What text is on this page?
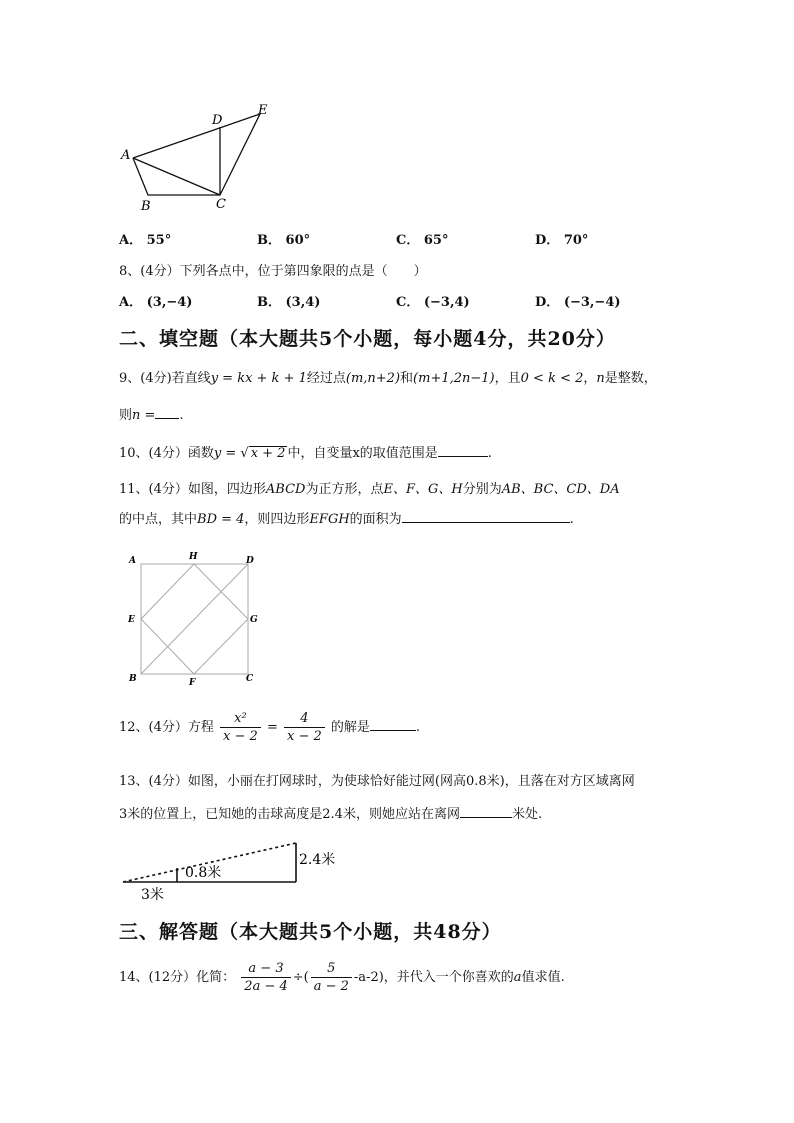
A
B	C
D
E
A． 55°	B． 60°	C． 65°	D． 70°
8、(4分）下列各点中，位于第四象限的点是（　　）
A． (3,−4)	B． (3,4)	C． (−3,4)	D． (−3,−4)
二、填空题（本大题共5个小题，每小题4分，共20分）
9、(4分)若直线y = kx + k + 1经过点(m,n+2)和(m+1,2n−1)，且0 < k < 2，n是整数，
则n = .
10、(4分）函数y = √ x + 2 中，自变量x的取值范围是	.
11、(4分）如图，四边形ABCD为正方形，点E、F、G、H分别为AB、BC、CD、DA
的中点，其中BD = 4，则四边形EFGH的面积为	.
A	H	D
E	G
B	F	C
12、(4分）方程 $\frac{\text{x²}}{x - 2} = \frac{4}{x - 2}$ 的解是	.
13、(4分）如图，小丽在打网球时，为使球恰好能过网(网高0.8米)，且落在对方区域离网
3米的位置上，已知她的击球高度是2.4米，则她应站在离网	米处.
0.8米
2.4米
3米
三、解答题（本大题共5个小题，共48分）
14、(12分）化简： $\frac{a - 3}{2a - 4}$ ÷( $\frac{5}{a - 2} -a-2$)，并代入一个你喜欢的a值求值.
